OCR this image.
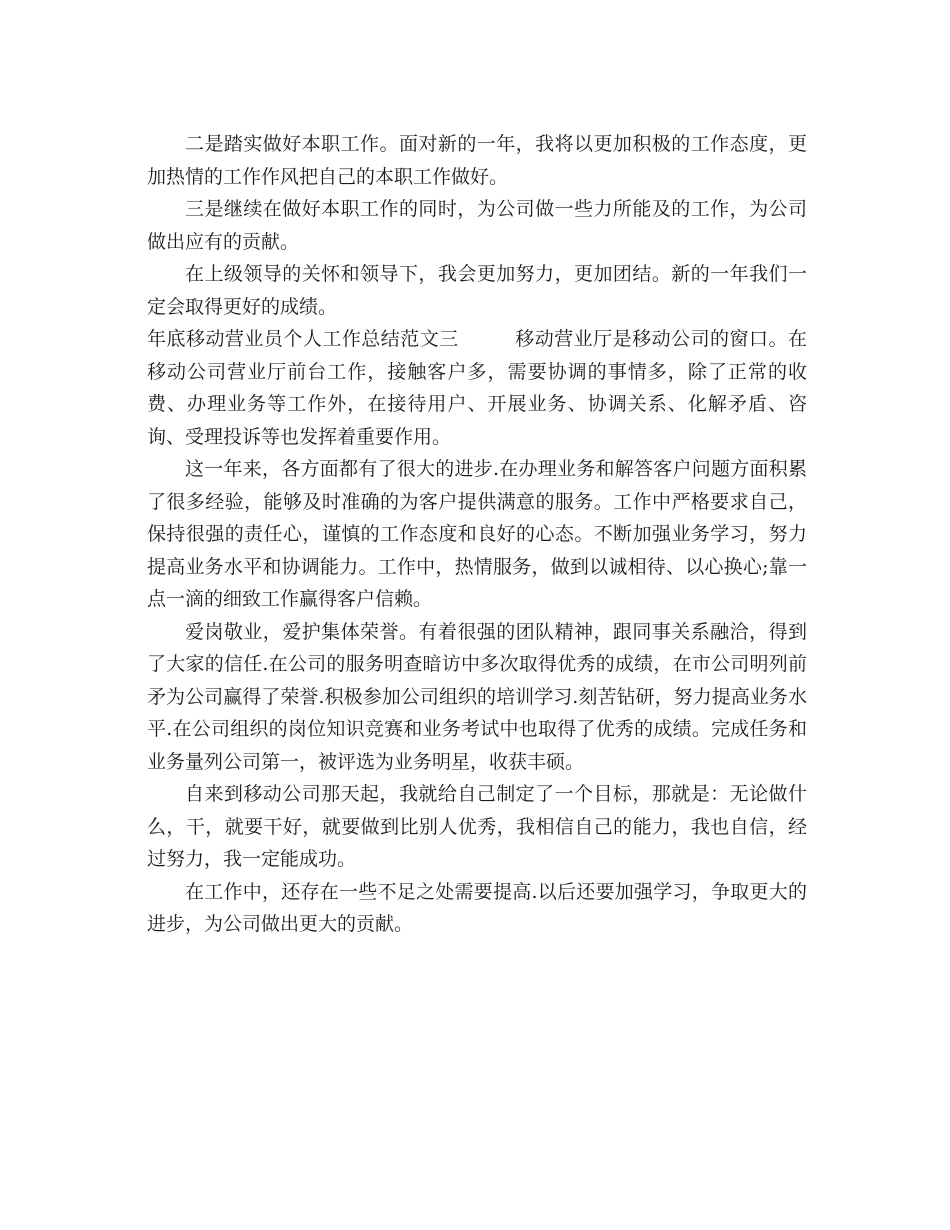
二是踏实做好本职工作。面对新的一年，我将以更加积极的工作态度，更加热情的工作作风把自己的本职工作做好。

三是继续在做好本职工作的同时，为公司做一些力所能及的工作，为公司做出应有的贡献。

在上级领导的关怀和领导下，我会更加努力，更加团结。新的一年我们一定会取得更好的成绩。

年底移动营业员个人工作总结范文三	移动营业厅是移动公司的窗口。在移动公司营业厅前台工作，接触客户多，需要协调的事情多，除了正常的收费、办理业务等工作外，在接待用户、开展业务、协调关系、化解矛盾、咨询、受理投诉等也发挥着重要作用。

这一年来，各方面都有了很大的进步.在办理业务和解答客户问题方面积累了很多经验，能够及时准确的为客户提供满意的服务。工作中严格要求自己，保持很强的责任心，谨慎的工作态度和良好的心态。不断加强业务学习，努力提高业务水平和协调能力。工作中，热情服务，做到以诚相待、以心换心;靠一点一滴的细致工作赢得客户信赖。

爱岗敬业，爱护集体荣誉。有着很强的团队精神，跟同事关系融洽，得到了大家的信任.在公司的服务明查暗访中多次取得优秀的成绩，在市公司明列前矛为公司赢得了荣誉.积极参加公司组织的培训学习.刻苦钻研，努力提高业务水平.在公司组织的岗位知识竞赛和业务考试中也取得了优秀的成绩。完成任务和业务量列公司第一，被评选为业务明星，收获丰硕。

自来到移动公司那天起，我就给自己制定了一个目标，那就是：无论做什么，干，就要干好，就要做到比别人优秀，我相信自己的能力，我也自信，经过努力，我一定能成功。

在工作中，还存在一些不足之处需要提高.以后还要加强学习，争取更大的进步，为公司做出更大的贡献。
